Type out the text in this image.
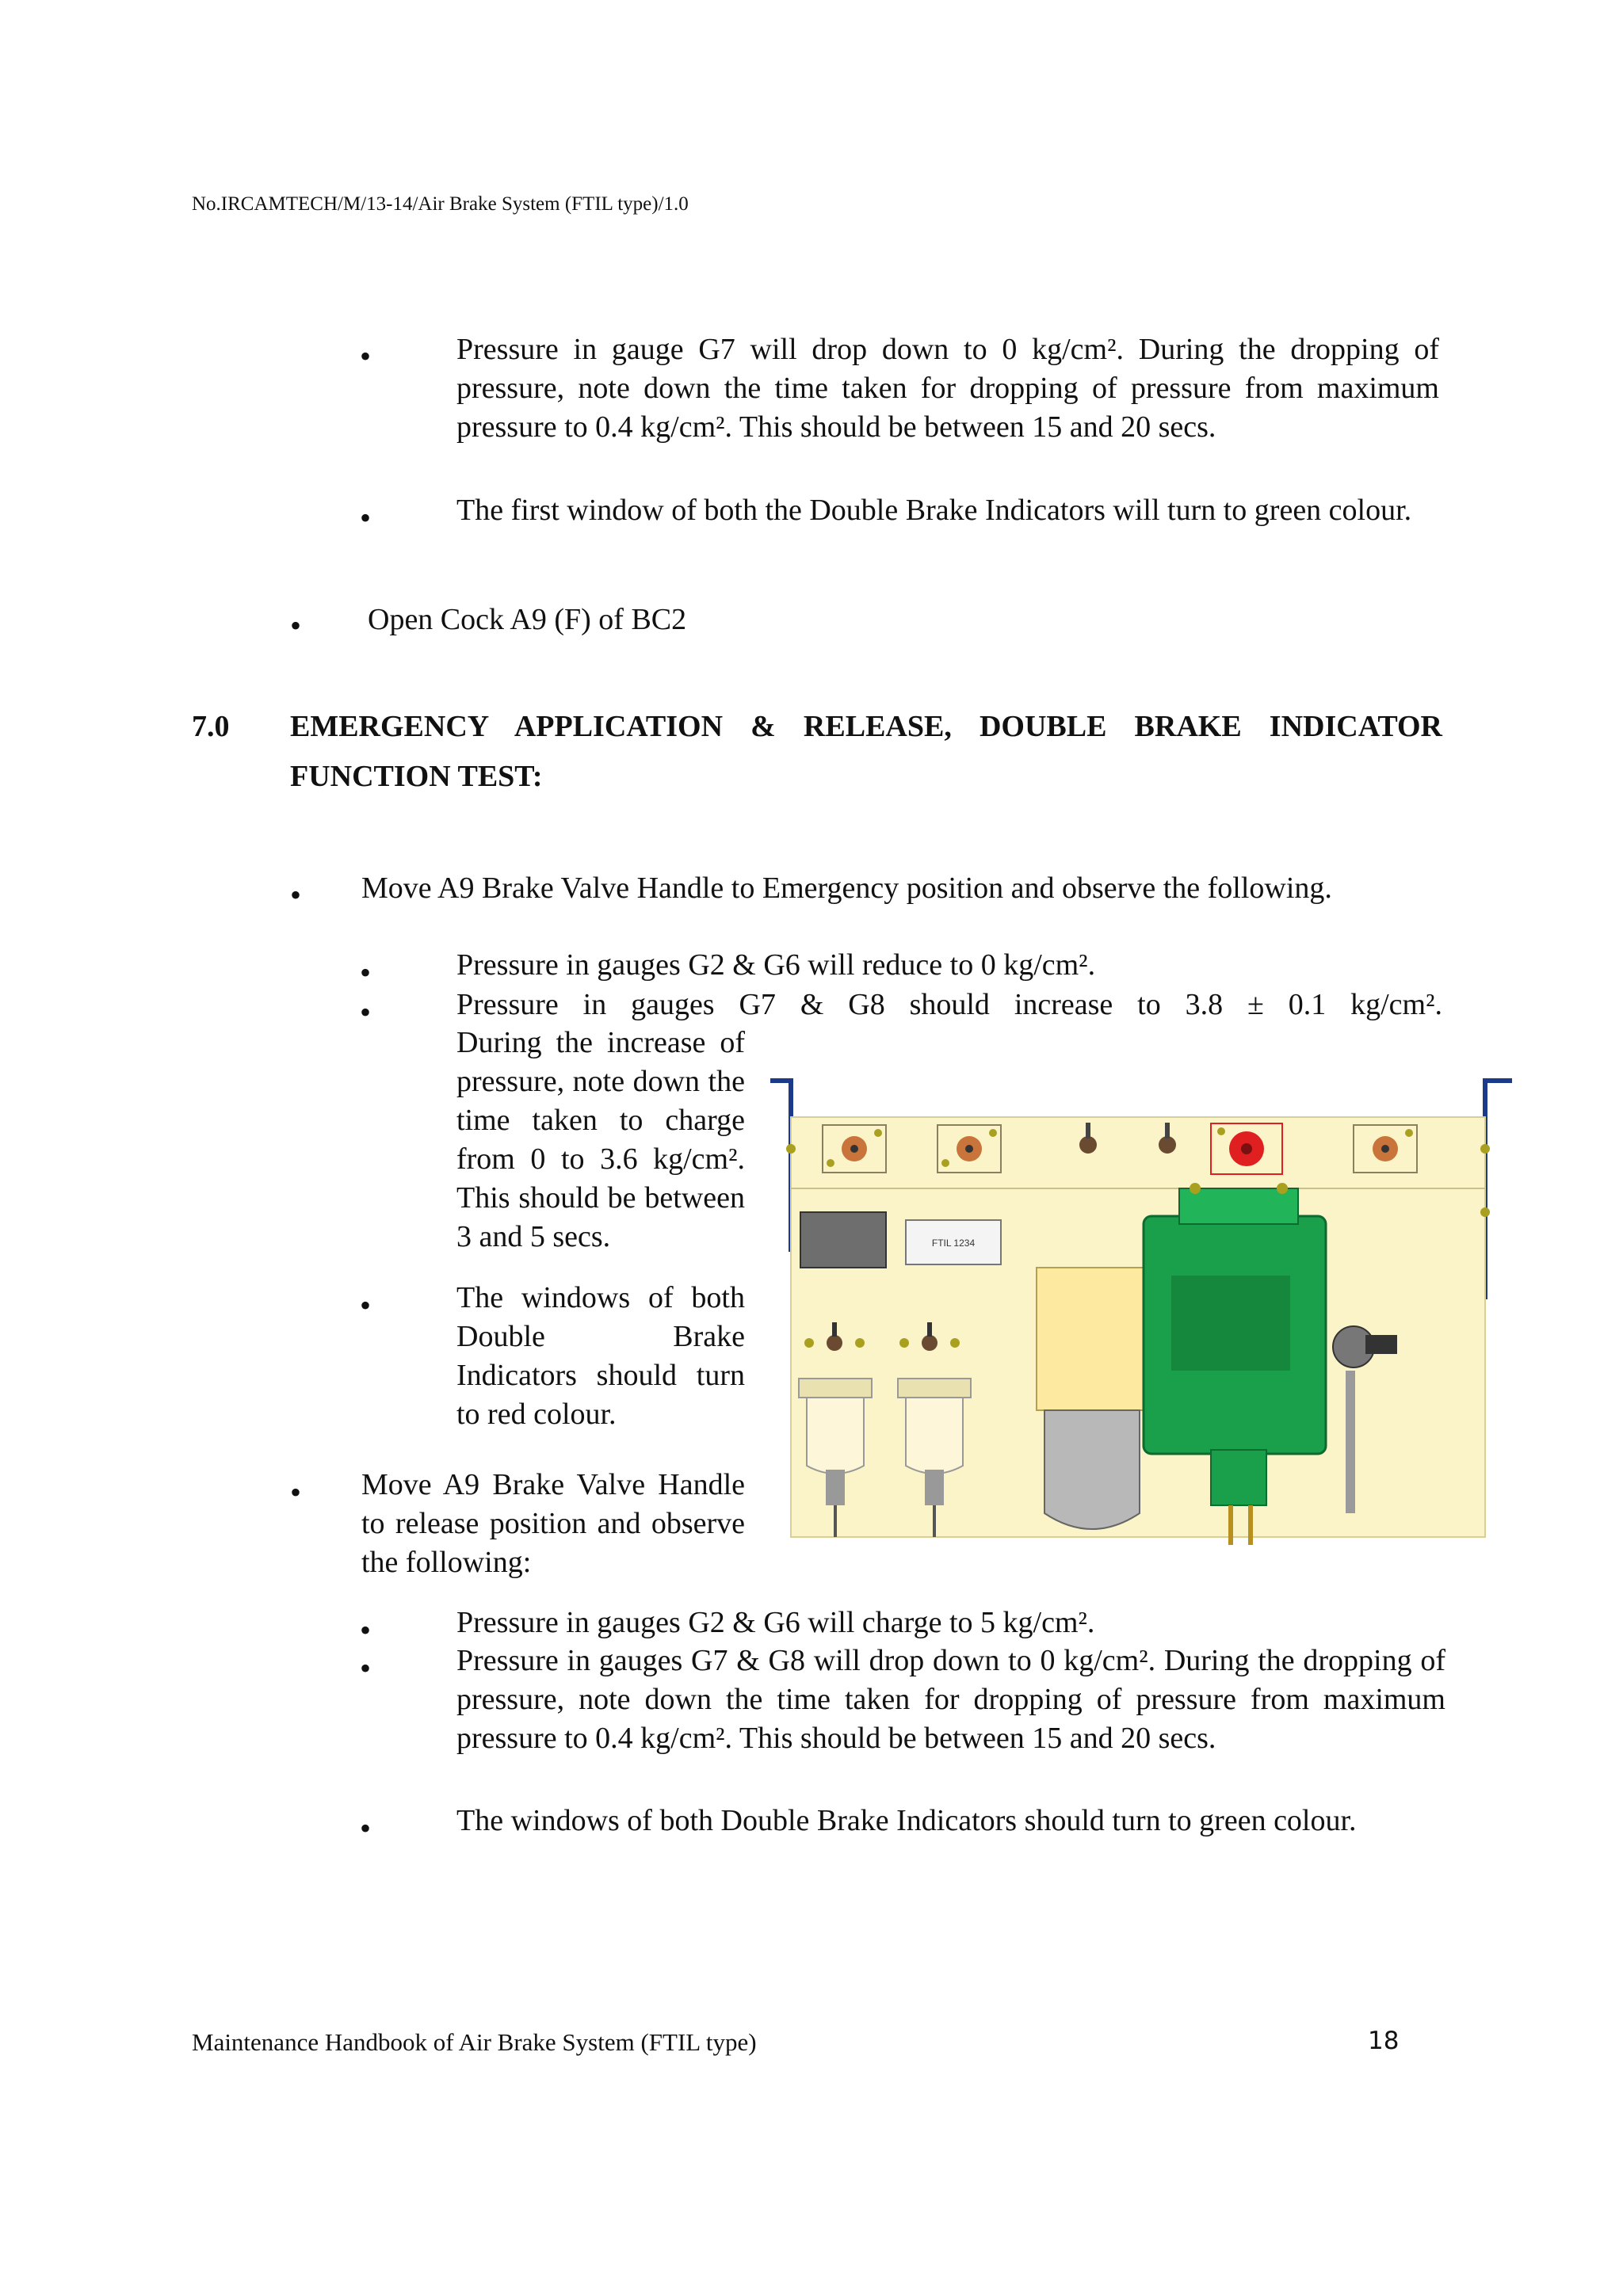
No.IRCAMTECH/M/13-14/Air Brake System (FTIL type)/1.0
•	Pressure in gauge G7 will drop down to 0 kg/cm². During the dropping of pressure, note down the time taken for dropping of pressure from maximum pressure to 0.4 kg/cm². This should be between 15 and 20 secs.
•	The first window of both the Double Brake Indicators will turn to green colour.
• Open Cock A9 (F) of BC2
7.0 EMERGENCY APPLICATION & RELEASE, DOUBLE BRAKE INDICATOR
FUNCTION TEST:
• Move A9 Brake Valve Handle to Emergency position and observe the following.
•	Pressure in gauges G2 & G6 will reduce to 0 kg/cm².
•	Pressure in gauges G7 & G8 should increase to 3.8 ± 0.1 kg/cm².
During the increase of pressure, note down the time taken to charge from 0 to 3.6 kg/cm². This should be between 3 and 5 secs.
•	The windows of both Double Brake Indicators should turn to red colour.
• Move A9 Brake Valve Handle to release position and observe the following:
•	Pressure in gauges G2 & G6 will charge to 5 kg/cm².
•	Pressure in gauges G7 & G8 will drop down to 0 kg/cm². During the dropping of pressure, note down the time taken for dropping of pressure from maximum pressure to 0.4 kg/cm². This should be between 15 and 20 secs.
•	The windows of both Double Brake Indicators should turn to green colour.
FTIL 1234
Maintenance Handbook of Air Brake System (FTIL type)	18
